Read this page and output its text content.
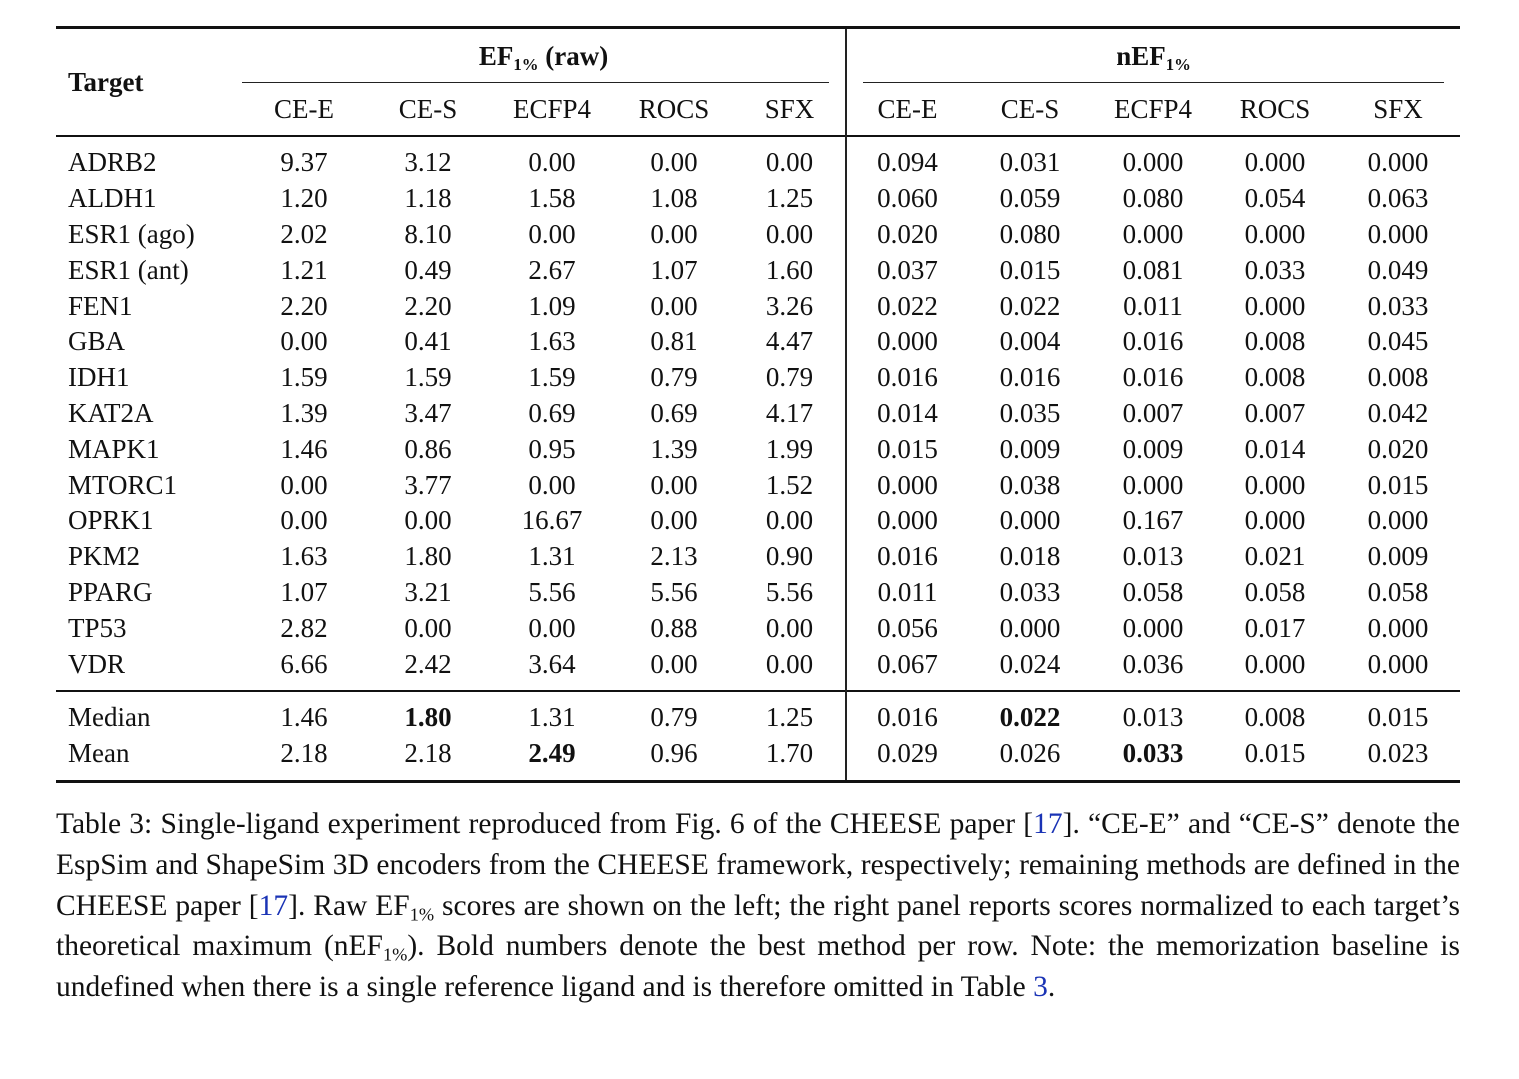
Target	$EF_{1\%}$ (raw)					nEF$_{1\%}$
	CE-E	CE-S	ECFP4	ROCS	SFX	CE-E	CE-S	ECFP4	ROCS	SFX
ADRB2	9.37	3.12	0.00	0.00	0.00	0.094	0.031	0.000	0.000	0.000
ALDH1	1.20	1.18	1.58	1.08	1.25	0.060	0.059	0.080	0.054	0.063
ESR1 (ago)	2.02	8.10	0.00	0.00	0.00	0.020	0.080	0.000	0.000	0.000
ESR1 (ant)	1.21	0.49	2.67	1.07	1.60	0.037	0.015	0.081	0.033	0.049
FEN1	2.20	2.20	1.09	0.00	3.26	0.022	0.022	0.011	0.000	0.033
GBA	0.00	0.41	1.63	0.81	4.47	0.000	0.004	0.016	0.008	0.045
IDH1	1.59	1.59	1.59	0.79	0.79	0.016	0.016	0.016	0.008	0.008
KAT2A	1.39	3.47	0.69	0.69	4.17	0.014	0.035	0.007	0.007	0.042
MAPK1	1.46	0.86	0.95	1.39	1.99	0.015	0.009	0.009	0.014	0.020
MTORC1	0.00	3.77	0.00	0.00	1.52	0.000	0.038	0.000	0.000	0.015
OPRK1	0.00	0.00	16.67	0.00	0.00	0.000	0.000	0.167	0.000	0.000
PKM2	1.63	1.80	1.31	2.13	0.90	0.016	0.018	0.013	0.021	0.009
PPARG	1.07	3.21	5.56	5.56	5.56	0.011	0.033	0.058	0.058	0.058
TP53	2.82	0.00	0.00	0.88	0.00	0.056	0.000	0.000	0.017	0.000
VDR	6.66	2.42	3.64	0.00	0.00	0.067	0.024	0.036	0.000	0.000
Median	1.46	1.80	1.31	0.79	1.25	0.016	0.022	0.013	0.008	0.015
Mean	2.18	2.18	2.49	0.96	1.70	0.029	0.026	0.033	0.015	0.023
Table 3: Single-ligand experiment reproduced from Fig. 6 of the CHEESE paper [17]. “CE-E” and “CE-S” denote the EspSim and ShapeSim 3D encoders from the CHEESE framework, respectively; remaining methods are defined in the CHEESE paper [17]. Raw $EF_{1\%}$ scores are shown on the left; the right panel reports scores normalized to each target’s theoretical maximum (nEF$_{1\%}$). Bold numbers denote the best method per row. Note: the memorization baseline is undefined when there is a single reference ligand and is therefore omitted in Table 3.
